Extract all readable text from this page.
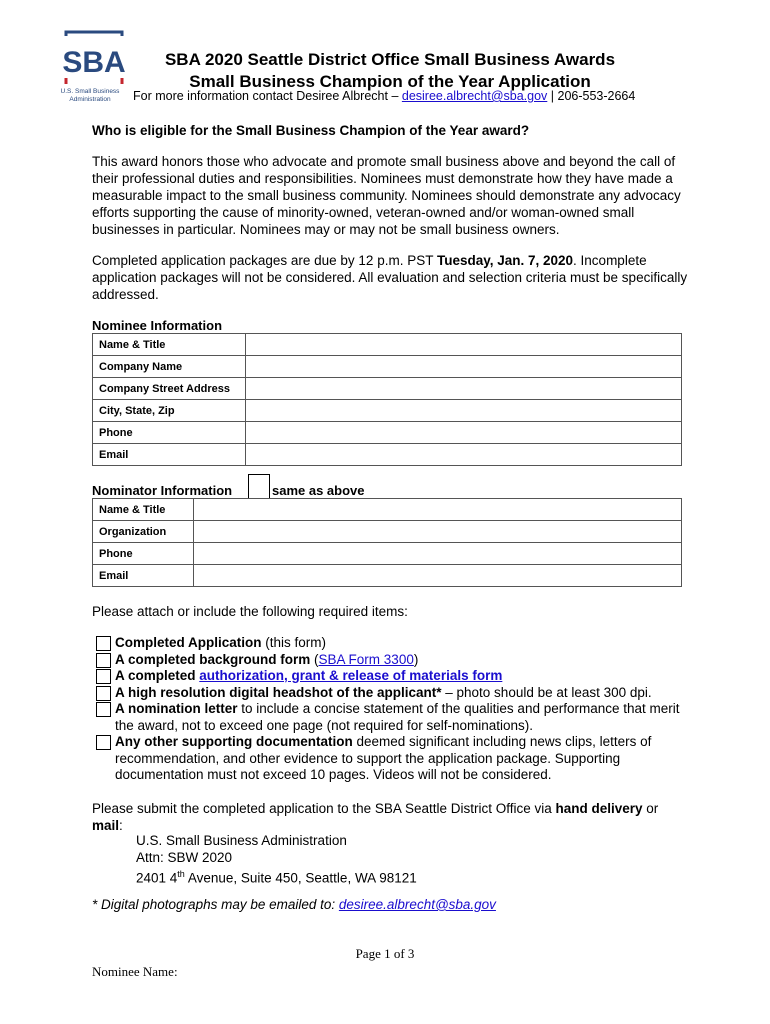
SBA
U.S. Small Business Administration
SBA 2020 Seattle District Office Small Business Awards
Small Business Champion of the Year Application
For more information contact Desiree Albrecht – desiree.albrecht@sba.gov | 206-553-2664
Who is eligible for the Small Business Champion of the Year award?
This award honors those who advocate and promote small business above and beyond the call of their professional duties and responsibilities. Nominees must demonstrate how they have made a measurable impact to the small business community. Nominees should demonstrate any advocacy efforts supporting the cause of minority-owned, veteran-owned and/or woman-owned small businesses in particular. Nominees may or may not be small business owners.
Completed application packages are due by 12 p.m. PST Tuesday, Jan. 7, 2020. Incomplete application packages will not be considered. All evaluation and selection criteria must be specifically addressed.
Nominee Information
Name & Title	
Company Name	
Company Street Address	
City, State, Zip	
Phone	
Email	
Nominator Information	same as above
Name & Title	
Organization	
Phone	
Email	
Please attach or include the following required items:
Completed Application (this form)
A completed background form (SBA Form 3300)
A completed authorization, grant & release of materials form
A high resolution digital headshot of the applicant* – photo should be at least 300 dpi.
A nomination letter to include a concise statement of the qualities and performance that merit the award, not to exceed one page (not required for self-nominations).
Any other supporting documentation deemed significant including news clips, letters of recommendation, and other evidence to support the application package. Supporting documentation must not exceed 10 pages. Videos will not be considered.
Please submit the completed application to the SBA Seattle District Office via hand delivery or mail:
U.S. Small Business Administration
Attn: SBW 2020
2401 4th Avenue, Suite 450, Seattle, WA 98121
* Digital photographs may be emailed to: desiree.albrecht@sba.gov
Page 1 of 3
Nominee Name:
